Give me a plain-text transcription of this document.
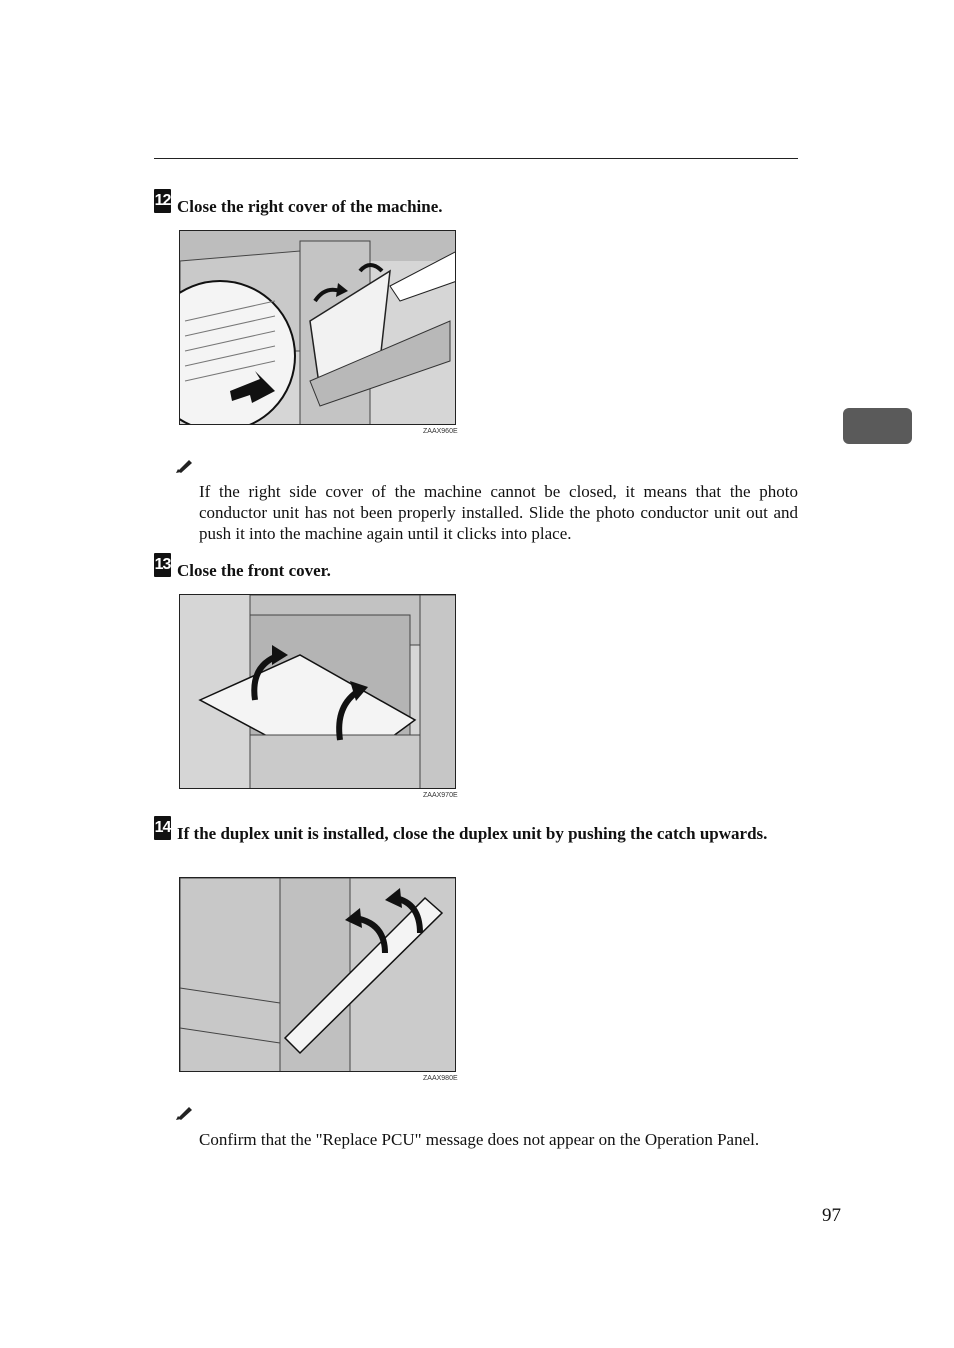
12 Close the right cover of the machine.
ZAAX960E
If the right side cover of the machine cannot be closed, it means that the photo conductor unit has not been properly installed. Slide the photo conductor unit out and push it into the machine again until it clicks into place.
13 Close the front cover.
ZAAX970E
14 If the duplex unit is installed, close the duplex unit by pushing the catch upwards.
ZAAX980E
Confirm that the "Replace PCU" message does not appear on the Operation Panel.
97
